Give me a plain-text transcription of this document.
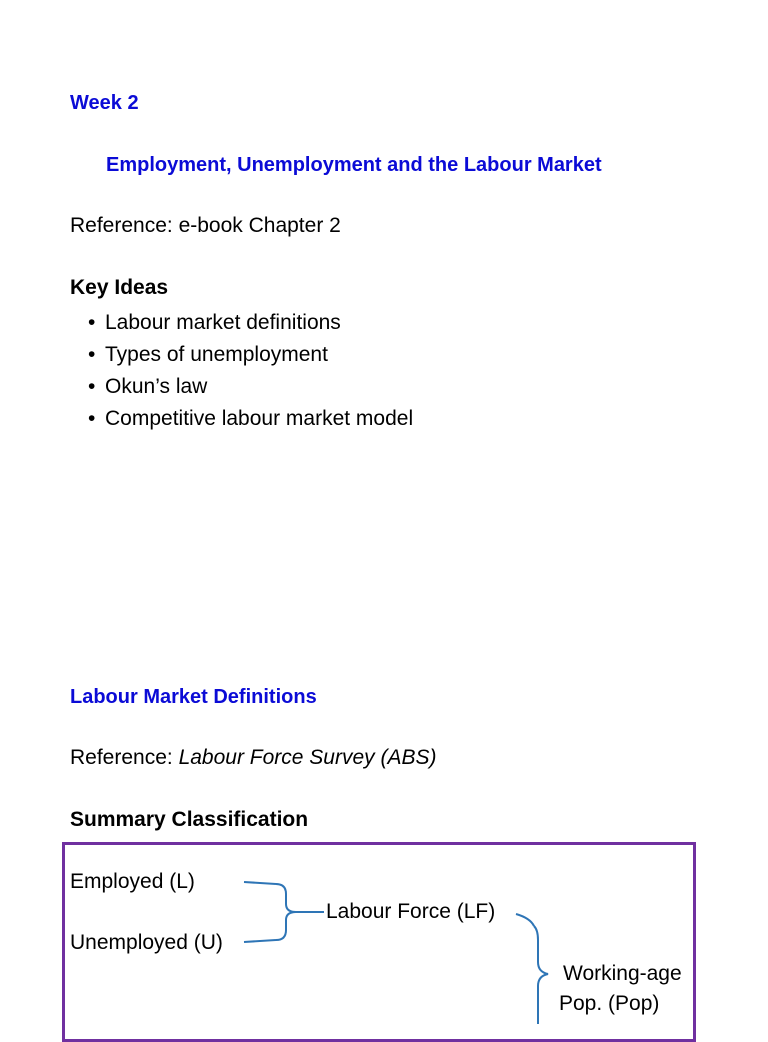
Week 2
Employment, Unemployment and the Labour Market
Reference: e-book Chapter 2
Key Ideas
• Labour market definitions
• Types of unemployment
• Okun’s law
• Competitive labour market model
Labour Market Definitions
Reference: Labour Force Survey (ABS)
Summary Classification
Employed (L)
Unemployed (U)
Labour Force (LF)
Working-age
Pop. (Pop)
